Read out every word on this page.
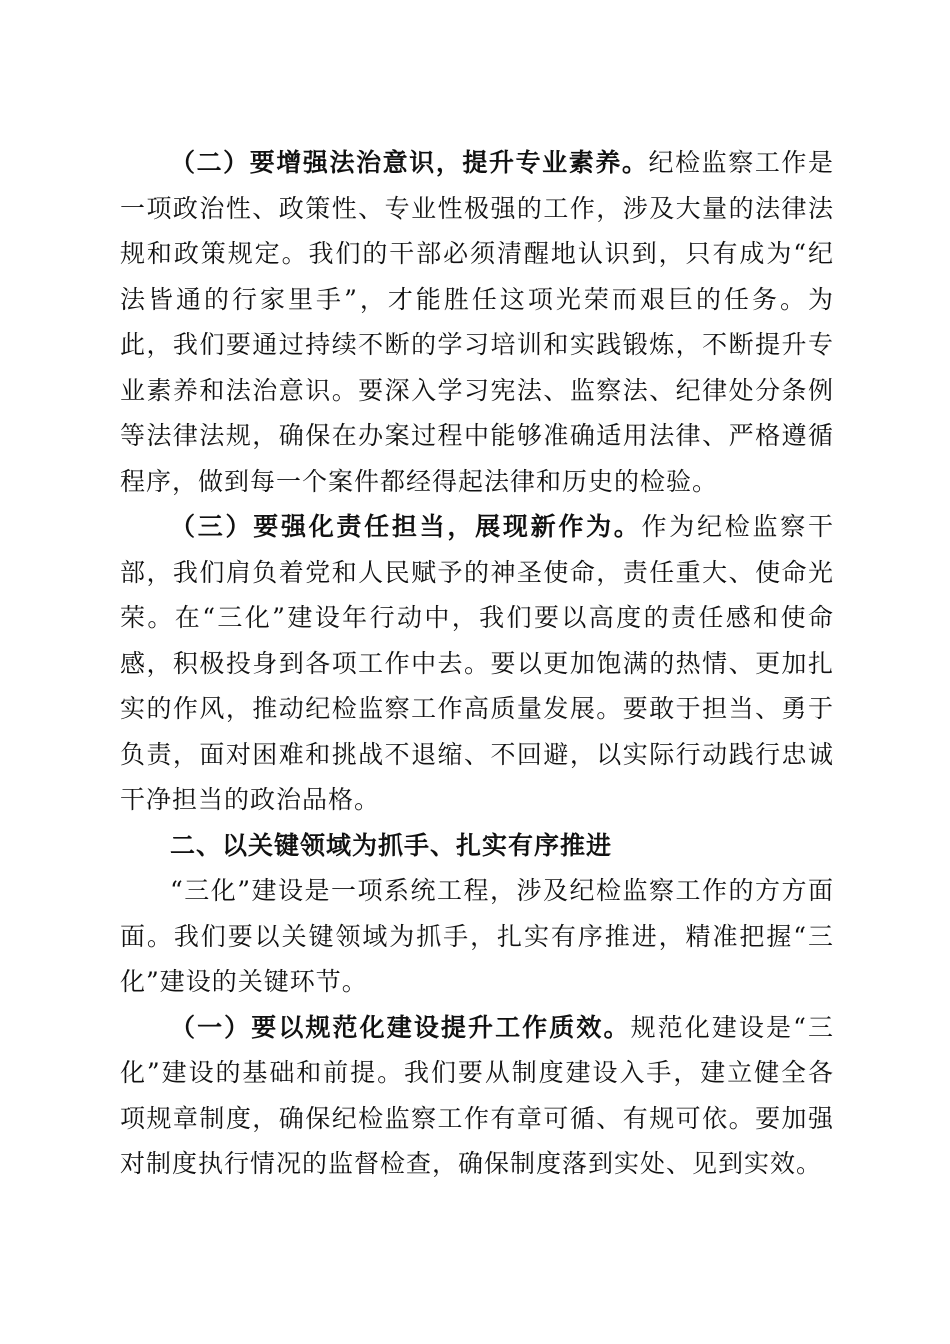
（二）要增强法治意识，提升专业素养。纪检监察工作是一项政治性、政策性、专业性极强的工作，涉及大量的法律法规和政策规定。我们的干部必须清醒地认识到，只有成为“纪法皆通的行家里手”，才能胜任这项光荣而艰巨的任务。为此，我们要通过持续不断的学习培训和实践锻炼，不断提升专业素养和法治意识。要深入学习宪法、监察法、纪律处分条例等法律法规，确保在办案过程中能够准确适用法律、严格遵循程序，做到每一个案件都经得起法律和历史的检验。

（三）要强化责任担当，展现新作为。作为纪检监察干部，我们肩负着党和人民赋予的神圣使命，责任重大、使命光荣。在“三化”建设年行动中，我们要以高度的责任感和使命感，积极投身到各项工作中去。要以更加饱满的热情、更加扎实的作风，推动纪检监察工作高质量发展。要敢于担当、勇于负责，面对困难和挑战不退缩、不回避，以实际行动践行忠诚干净担当的政治品格。

二、以关键领域为抓手、扎实有序推进

“三化”建设是一项系统工程，涉及纪检监察工作的方方面面。我们要以关键领域为抓手，扎实有序推进，精准把握“三化”建设的关键环节。

（一）要以规范化建设提升工作质效。规范化建设是“三化”建设的基础和前提。我们要从制度建设入手，建立健全各项规章制度，确保纪检监察工作有章可循、有规可依。要加强对制度执行情况的监督检查，确保制度落到实处、见到实效。
